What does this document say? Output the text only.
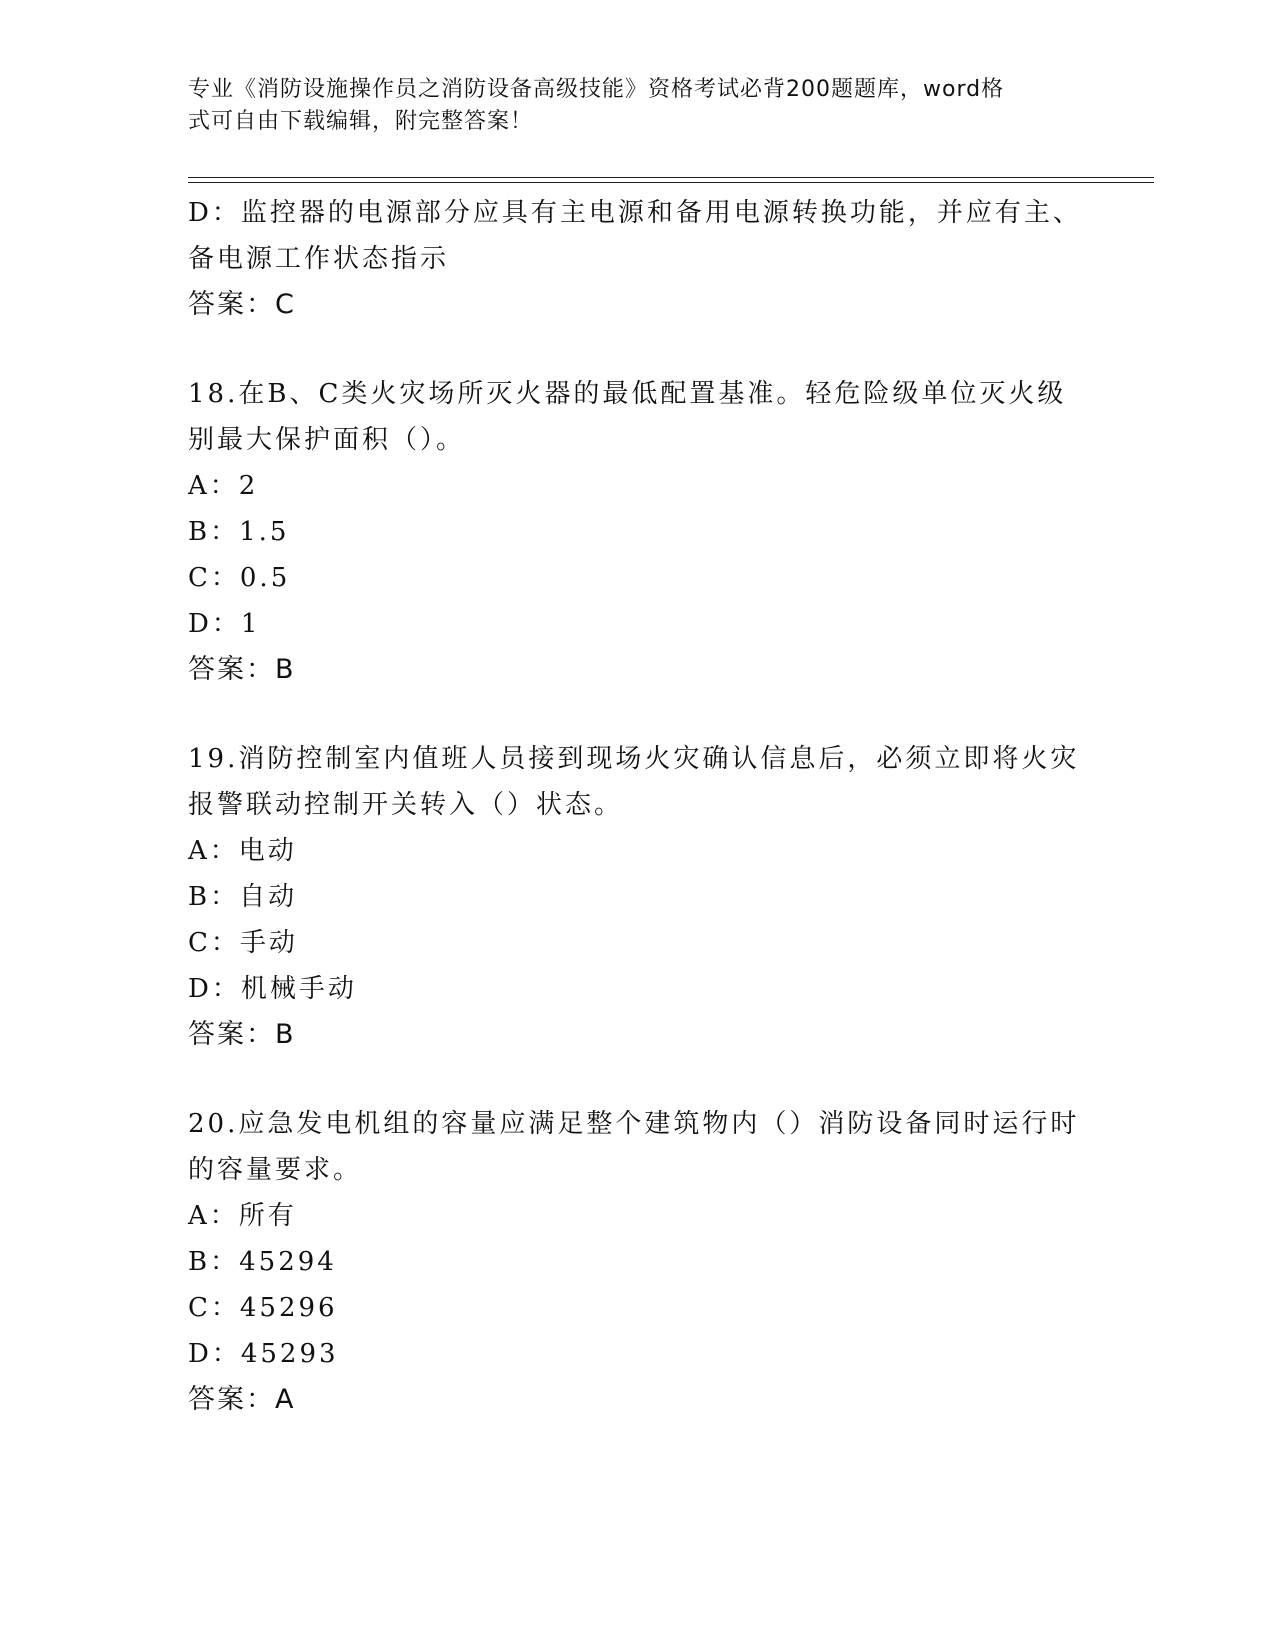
专业《消防设施操作员之消防设备高级技能》资格考试必背200题题库，word格
式可自由下载编辑，附完整答案！
D：监控器的电源部分应具有主电源和备用电源转换功能，并应有主、
备电源工作状态指示
答案：C
18.在B、C类火灾场所灭火器的最低配置基准。轻危险级单位灭火级
别最大保护面积（）。
A：2
B：1.5
C：0.5
D：1
答案：B
19.消防控制室内值班人员接到现场火灾确认信息后，必须立即将火灾
报警联动控制开关转入（）状态。
A：电动
B：自动
C：手动
D：机械手动
答案：B
20.应急发电机组的容量应满足整个建筑物内（）消防设备同时运行时
的容量要求。
A：所有
B：45294
C：45296
D：45293
答案：A
